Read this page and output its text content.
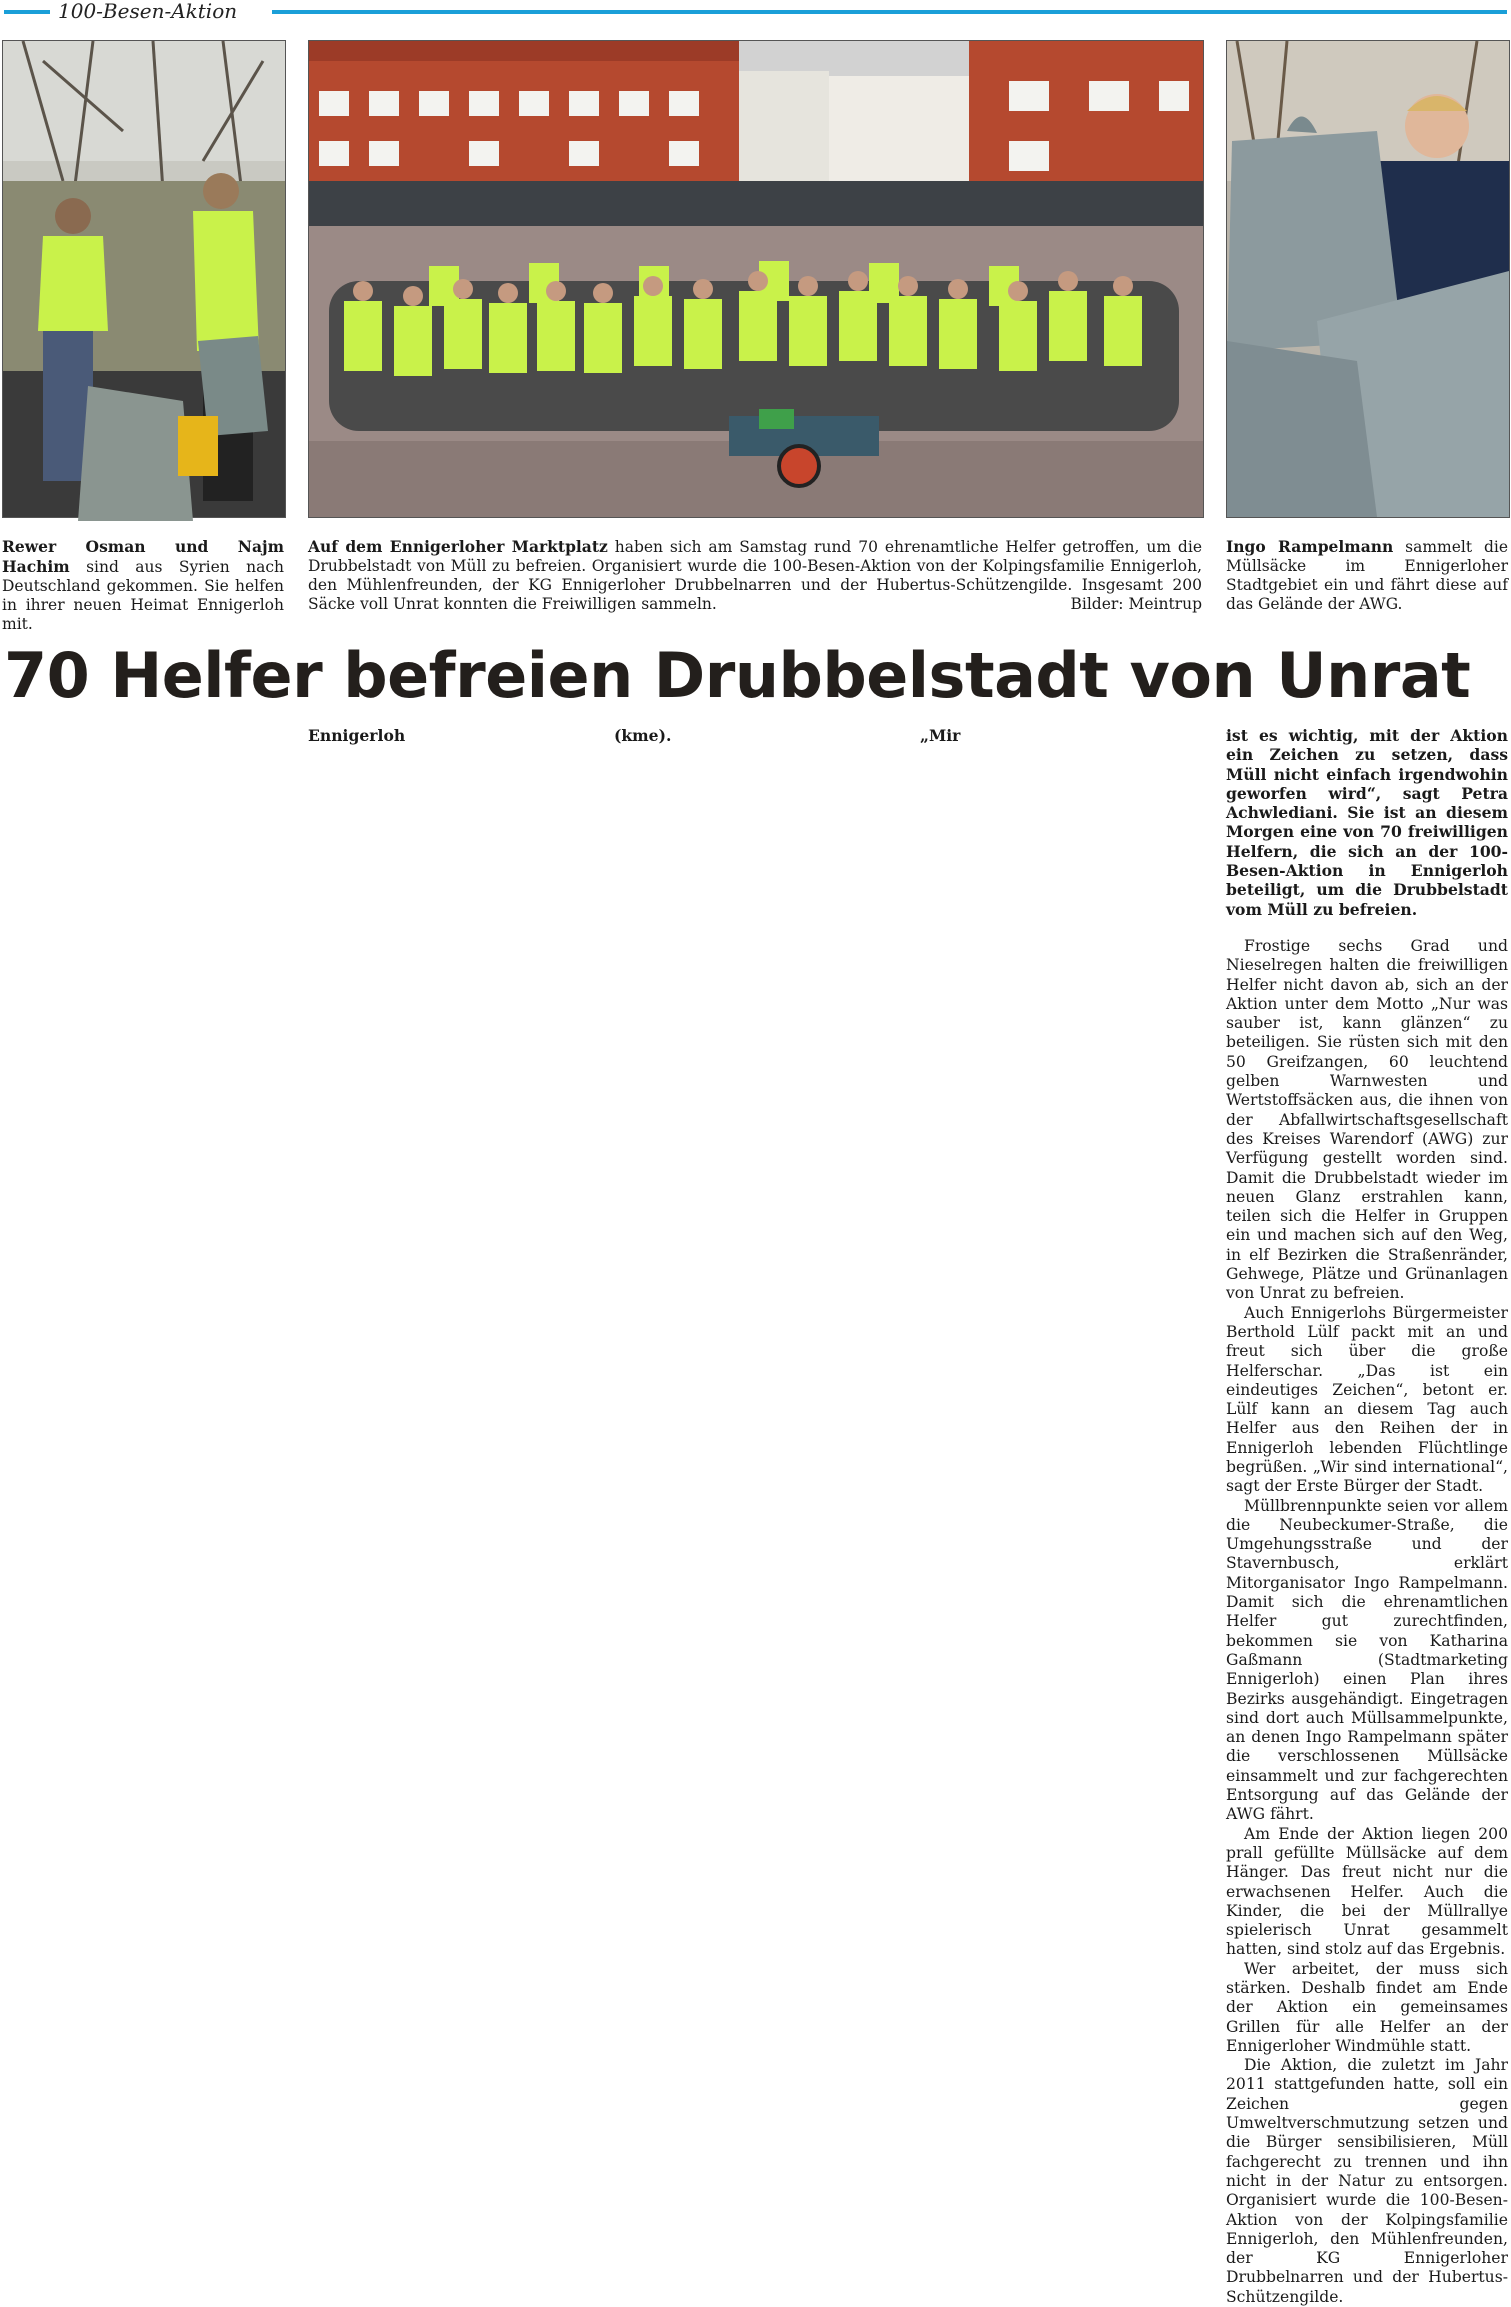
100-Besen-Aktion
Rewer Osman und Najm Hachim sind aus Syrien nach Deutschland gekommen. Sie helfen in ihrer neuen Heimat Ennigerloh mit.
Auf dem Ennigerloher Marktplatz haben sich am Samstag rund 70 ehrenamtliche Helfer getroffen, um die Drubbelstadt von Müll zu befreien. Organisiert wurde die 100-Besen-Aktion von der Kolpingsfamilie Ennigerloh, den Mühlenfreunden, der KG Ennigerloher Drubbelnarren und der Hubertus-Schützengilde. Insgesamt 200 Säcke voll Unrat konnten die Freiwilligen sammeln.	Bilder: Meintrup
Ingo Rampelmann sammelt die Müllsäcke im Ennigerloher Stadtgebiet ein und fährt diese auf das Gelände der AWG.
70 Helfer befreien Drubbelstadt von Unrat

Ennigerloh	(kme).	„Mir	ist es wichtig, mit der Aktion ein Zeichen zu setzen, dass Müll nicht einfach irgendwohin geworfen wird“, sagt Petra Achwlediani. Sie ist an diesem Morgen eine von 70 freiwilligen Helfern, die sich an der 100-Besen-Aktion in Ennigerloh beteiligt, um die Drubbelstadt vom Müll zu befreien.

Frostige sechs Grad und Nieselregen halten die freiwilligen Helfer nicht davon ab, sich an der Aktion unter dem Motto „Nur was sauber ist, kann glänzen“ zu beteiligen. Sie rüsten sich mit den 50 Greifzangen, 60 leuchtend gelben Warnwesten und Wertstoffsäcken aus, die ihnen von der Abfallwirtschaftsgesellschaft des Kreises Warendorf (AWG) zur Verfügung gestellt worden sind. Damit die Drubbelstadt wieder im neuen Glanz erstrahlen kann, teilen sich die Helfer in Gruppen ein und machen sich auf den Weg, in elf Bezirken die Straßenränder, Gehwege, Plätze und Grünanlagen von Unrat zu befreien.

Auch Ennigerlohs Bürgermeister Berthold Lülf packt mit an und freut sich über die große Helferschar. „Das ist ein eindeutiges Zeichen“, betont er. Lülf kann an diesem Tag auch Helfer aus den Reihen der in Ennigerloh lebenden Flüchtlinge begrüßen. „Wir sind international“, sagt der Erste Bürger der Stadt.

Müllbrennpunkte seien vor allem die Neubeckumer-Straße, die Umgehungsstraße und der Stavernbusch, erklärt Mitorganisator Ingo Rampelmann. Damit sich die ehrenamtlichen Helfer gut zurechtfinden, bekommen sie von Katharina Gaßmann (Stadtmarketing Ennigerloh) einen Plan ihres Bezirks ausgehändigt. Eingetragen sind dort auch Müllsammelpunkte, an denen Ingo Rampelmann später die verschlossenen Müllsäcke einsammelt und zur fachgerechten Entsorgung auf das Gelände der AWG fährt.

Am Ende der Aktion liegen 200 prall gefüllte Müllsäcke auf dem Hänger. Das freut nicht nur die erwachsenen Helfer. Auch die Kinder, die bei der Müllrallye spielerisch Unrat gesammelt hatten, sind stolz auf das Ergebnis.

Wer arbeitet, der muss sich stärken. Deshalb findet am Ende der Aktion ein gemeinsames Grillen für alle Helfer an der Ennigerloher Windmühle statt.

Die Aktion, die zuletzt im Jahr 2011 stattgefunden hatte, soll ein Zeichen gegen Umweltverschmutzung setzen und die Bürger sensibilisieren, Müll fachgerecht zu trennen und ihn nicht in der Natur zu entsorgen. Organisiert wurde die 100-Besen-Aktion von der Kolpingsfamilie Ennigerloh, den Mühlenfreunden, der KG Ennigerloher Drubbelnarren und der Hubertus-Schützengilde.
